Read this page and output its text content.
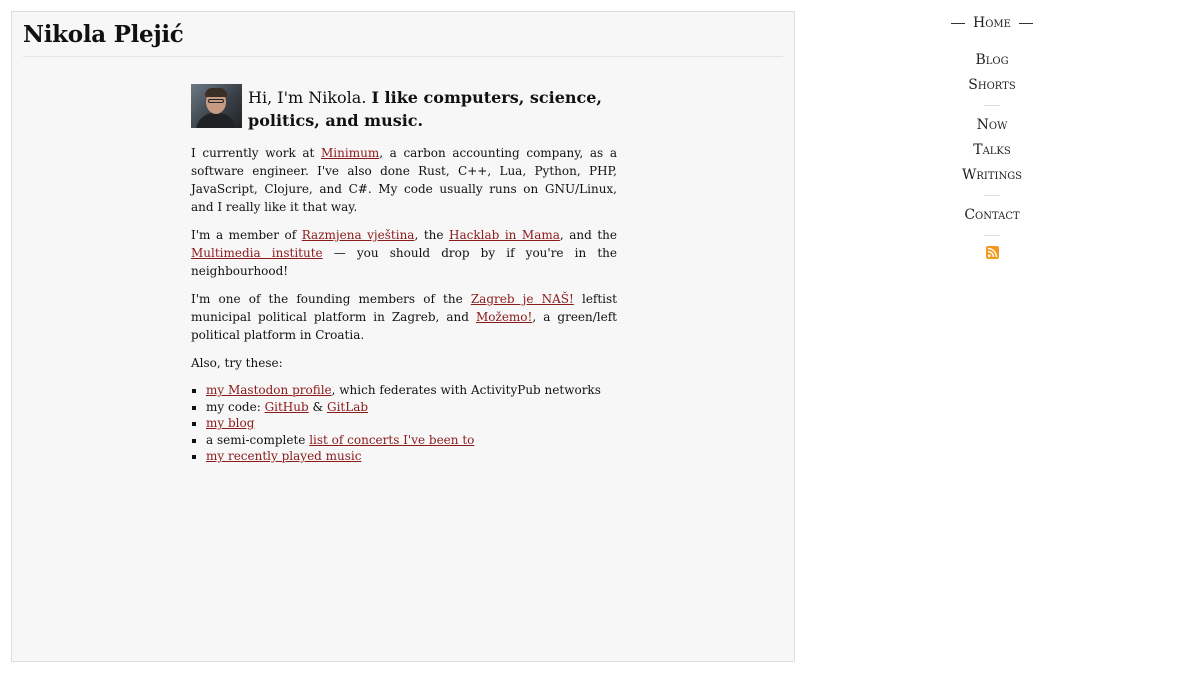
Nikola Plejić
Hi, I'm Nikola. I like computers, science, politics, and music.

I currently work at Minimum, a carbon accounting company, as a software engineer. I've also done Rust, C++, Lua, Python, PHP, JavaScript, Clojure, and C#. My code usually runs on GNU/Linux, and I really like it that way.

I'm a member of Razmjena vještina, the Hacklab in Mama, and the Multimedia institute — you should drop by if you're in the neighbourhood!

I'm one of the founding members of the Zagreb je NAŠ! leftist municipal political platform in Zagreb, and Možemo!, a green/left political platform in Croatia.

Also, try these:

▪ my Mastodon profile, which federates with ActivityPub networks
▪ my code: GitHub & GitLab
▪ my blog
▪ a semi-complete list of concerts I've been to
▪ my recently played music
Home
Blog
Shorts
Now
Talks
Writings
Contact
